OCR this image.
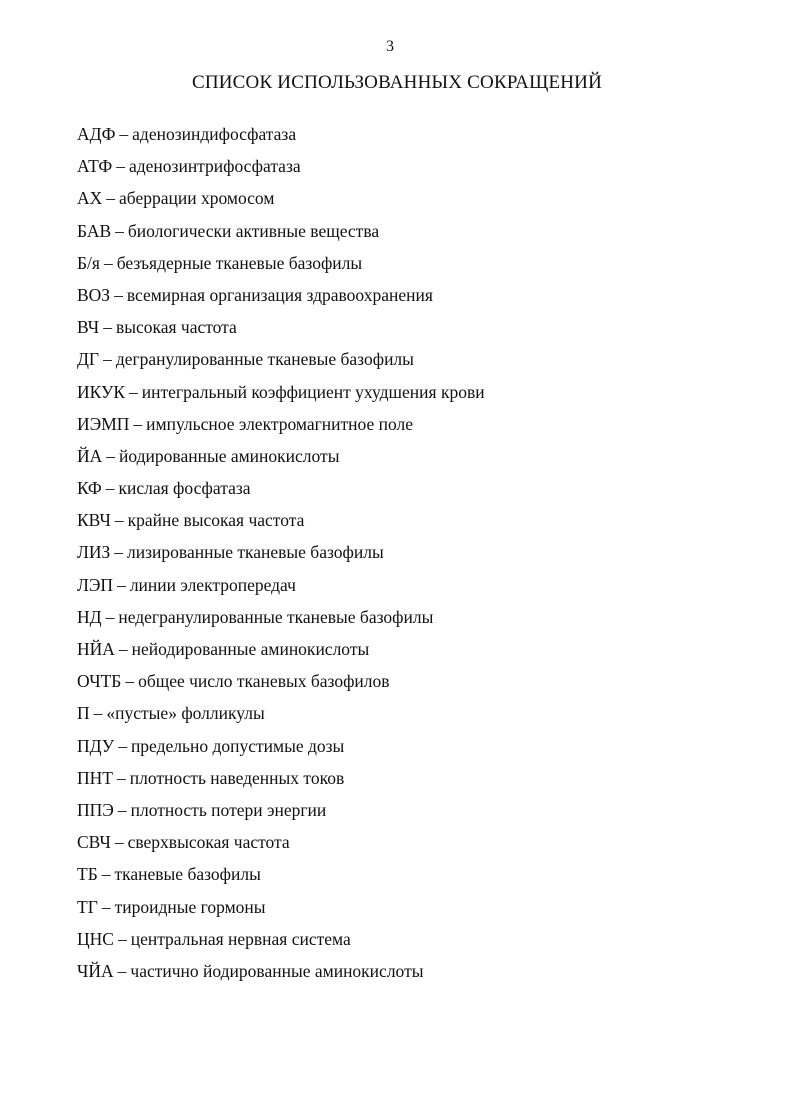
3
СПИСОК ИСПОЛЬЗОВАННЫХ СОКРАЩЕНИЙ
АДФ – аденозиндифосфатаза
АТФ – аденозинтрифосфатаза
АХ – аберрации хромосом
БАВ – биологически активные вещества
Б/я – безъядерные тканевые базофилы
ВОЗ – всемирная организация здравоохранения
ВЧ – высокая частота
ДГ – дегранулированные тканевые базофилы
ИКУК – интегральный коэффициент ухудшения крови
ИЭМП – импульсное электромагнитное поле
ЙА – йодированные аминокислоты
КФ – кислая фосфатаза
КВЧ – крайне высокая частота
ЛИЗ – лизированные тканевые базофилы
ЛЭП – линии электропередач
НД – недегранулированные тканевые базофилы
НЙА – нейодированные аминокислоты
ОЧТБ – общее число тканевых базофилов
П – «пустые» фолликулы
ПДУ – предельно допустимые дозы
ПНТ – плотность наведенных токов
ППЭ – плотность потери энергии
СВЧ – сверхвысокая частота
ТБ – тканевые базофилы
ТГ – тироидные гормоны
ЦНС – центральная нервная система
ЧЙА – частично йодированные аминокислоты
